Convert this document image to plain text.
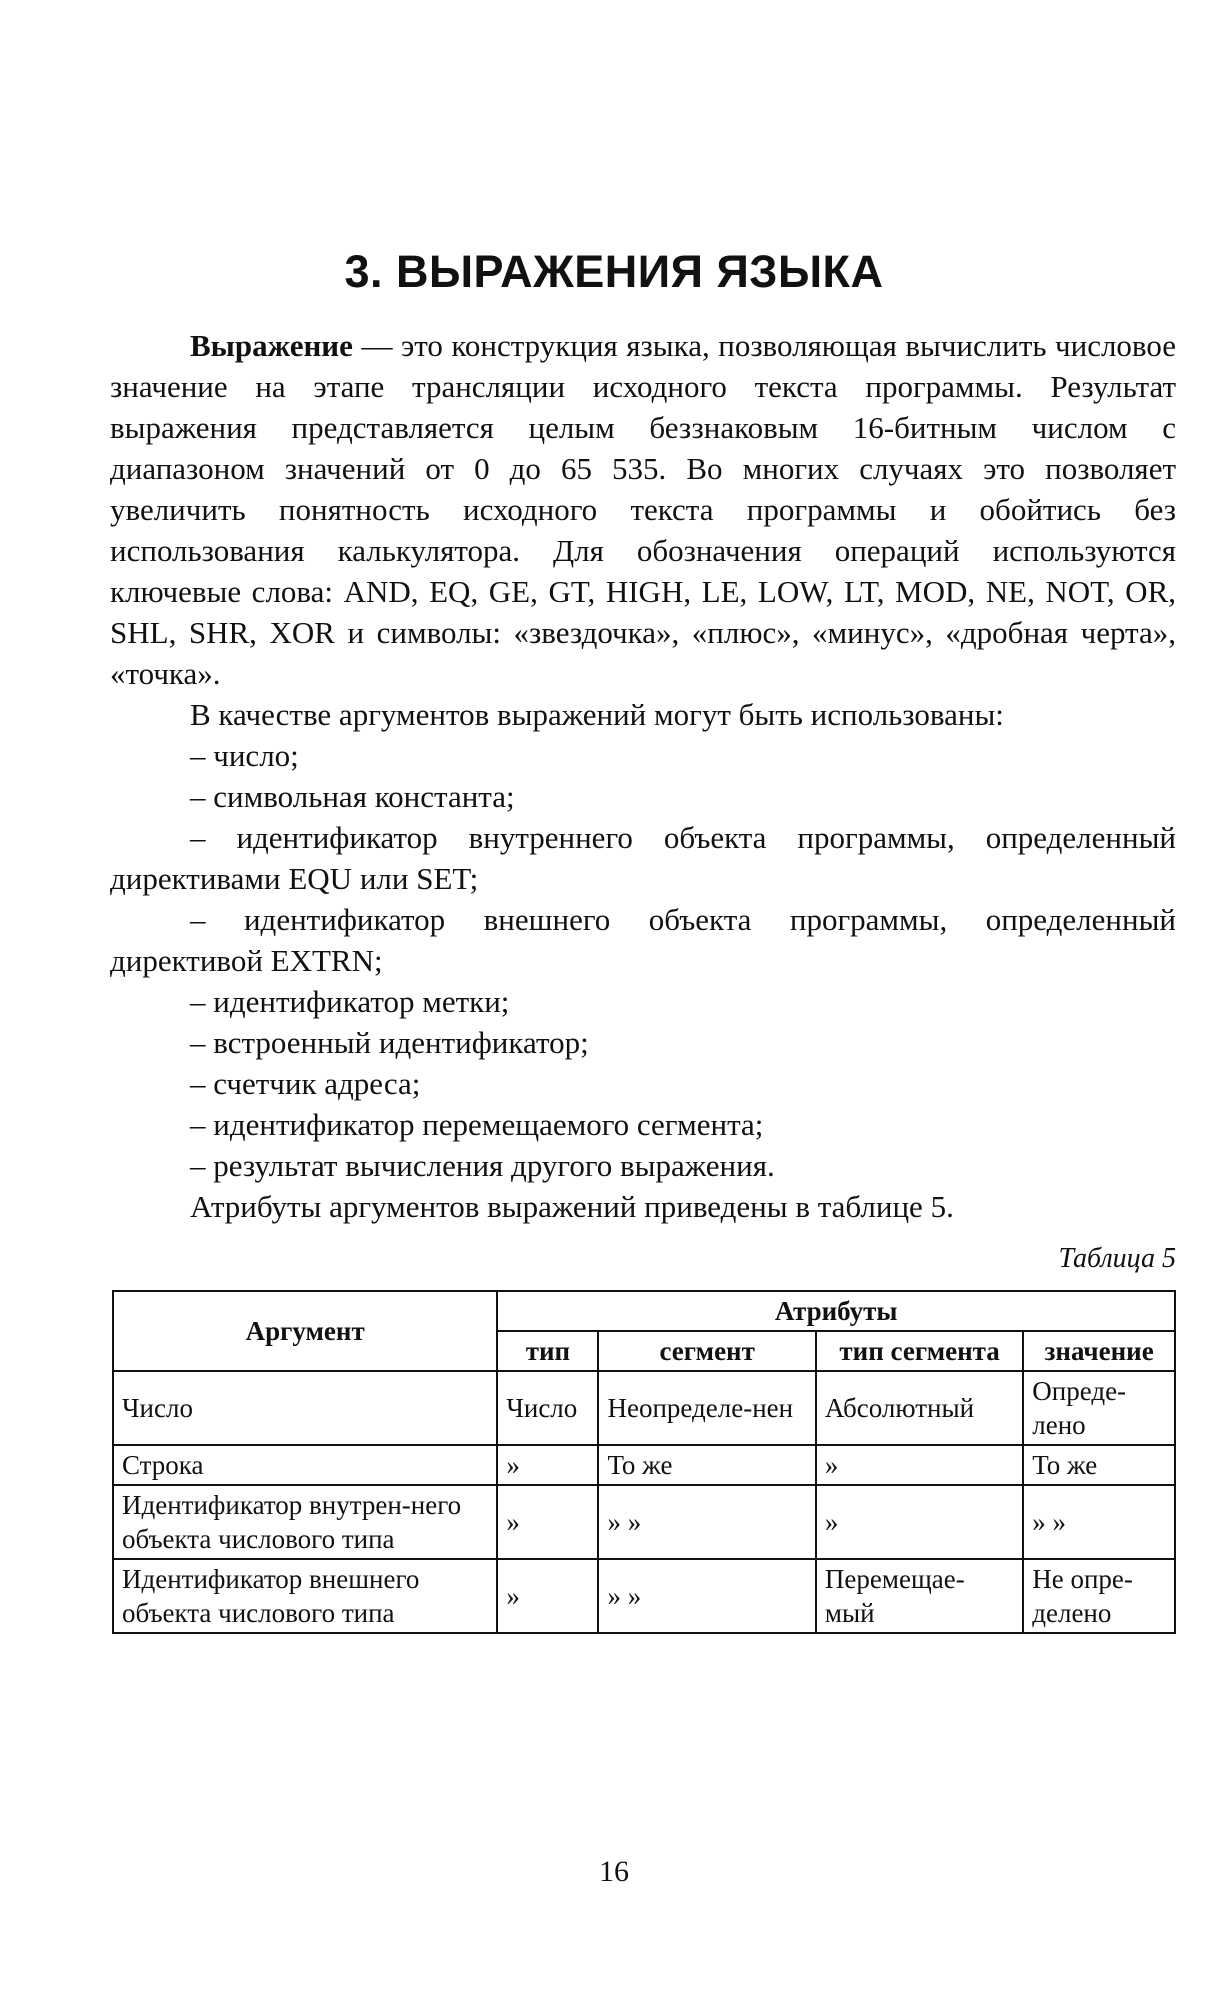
3. ВЫРАЖЕНИЯ ЯЗЫКА

Выражение — это конструкция языка, позволяющая вычислить числовое значение на этапе трансляции исходного текста программы. Результат выражения представляется целым беззнаковым 16-битным числом с диапазоном значений от 0 до 65 535. Во многих случаях это позволяет увеличить понятность исходного текста программы и обойтись без использования калькулятора. Для обозначения операций используются ключевые слова: AND, EQ, GE, GT, HIGH, LE, LOW, LT, MOD, NE, NOT, OR, SHL, SHR, XOR и символы: «звездочка», «плюс», «минус», «дробная черта», «точка».

В качестве аргументов выражений могут быть использованы:

– число;

– символьная константа;

– идентификатор внутреннего объекта программы, определенный директивами EQU или SET;

– идентификатор внешнего объекта программы, определенный директивой EXTRN;

– идентификатор метки;

– встроенный идентификатор;

– счетчик адреса;

– идентификатор перемещаемого сегмента;

– результат вычисления другого выражения.

Атрибуты аргументов выражений приведены в таблице 5.

Таблица 5
Аргумент	Атрибуты			
	тип	сегмент	тип сегмента	значение
Число	Число	Неопределе-нен	Абсолютный	Опреде-лено
Строка	»	То же	»	То же
Идентификатор внутрен-него объекта числового типа	»	» »	»	» »
Идентификатор внешнего объекта числового типа	»	» »	Перемещае-мый	Не опре-делено
16
